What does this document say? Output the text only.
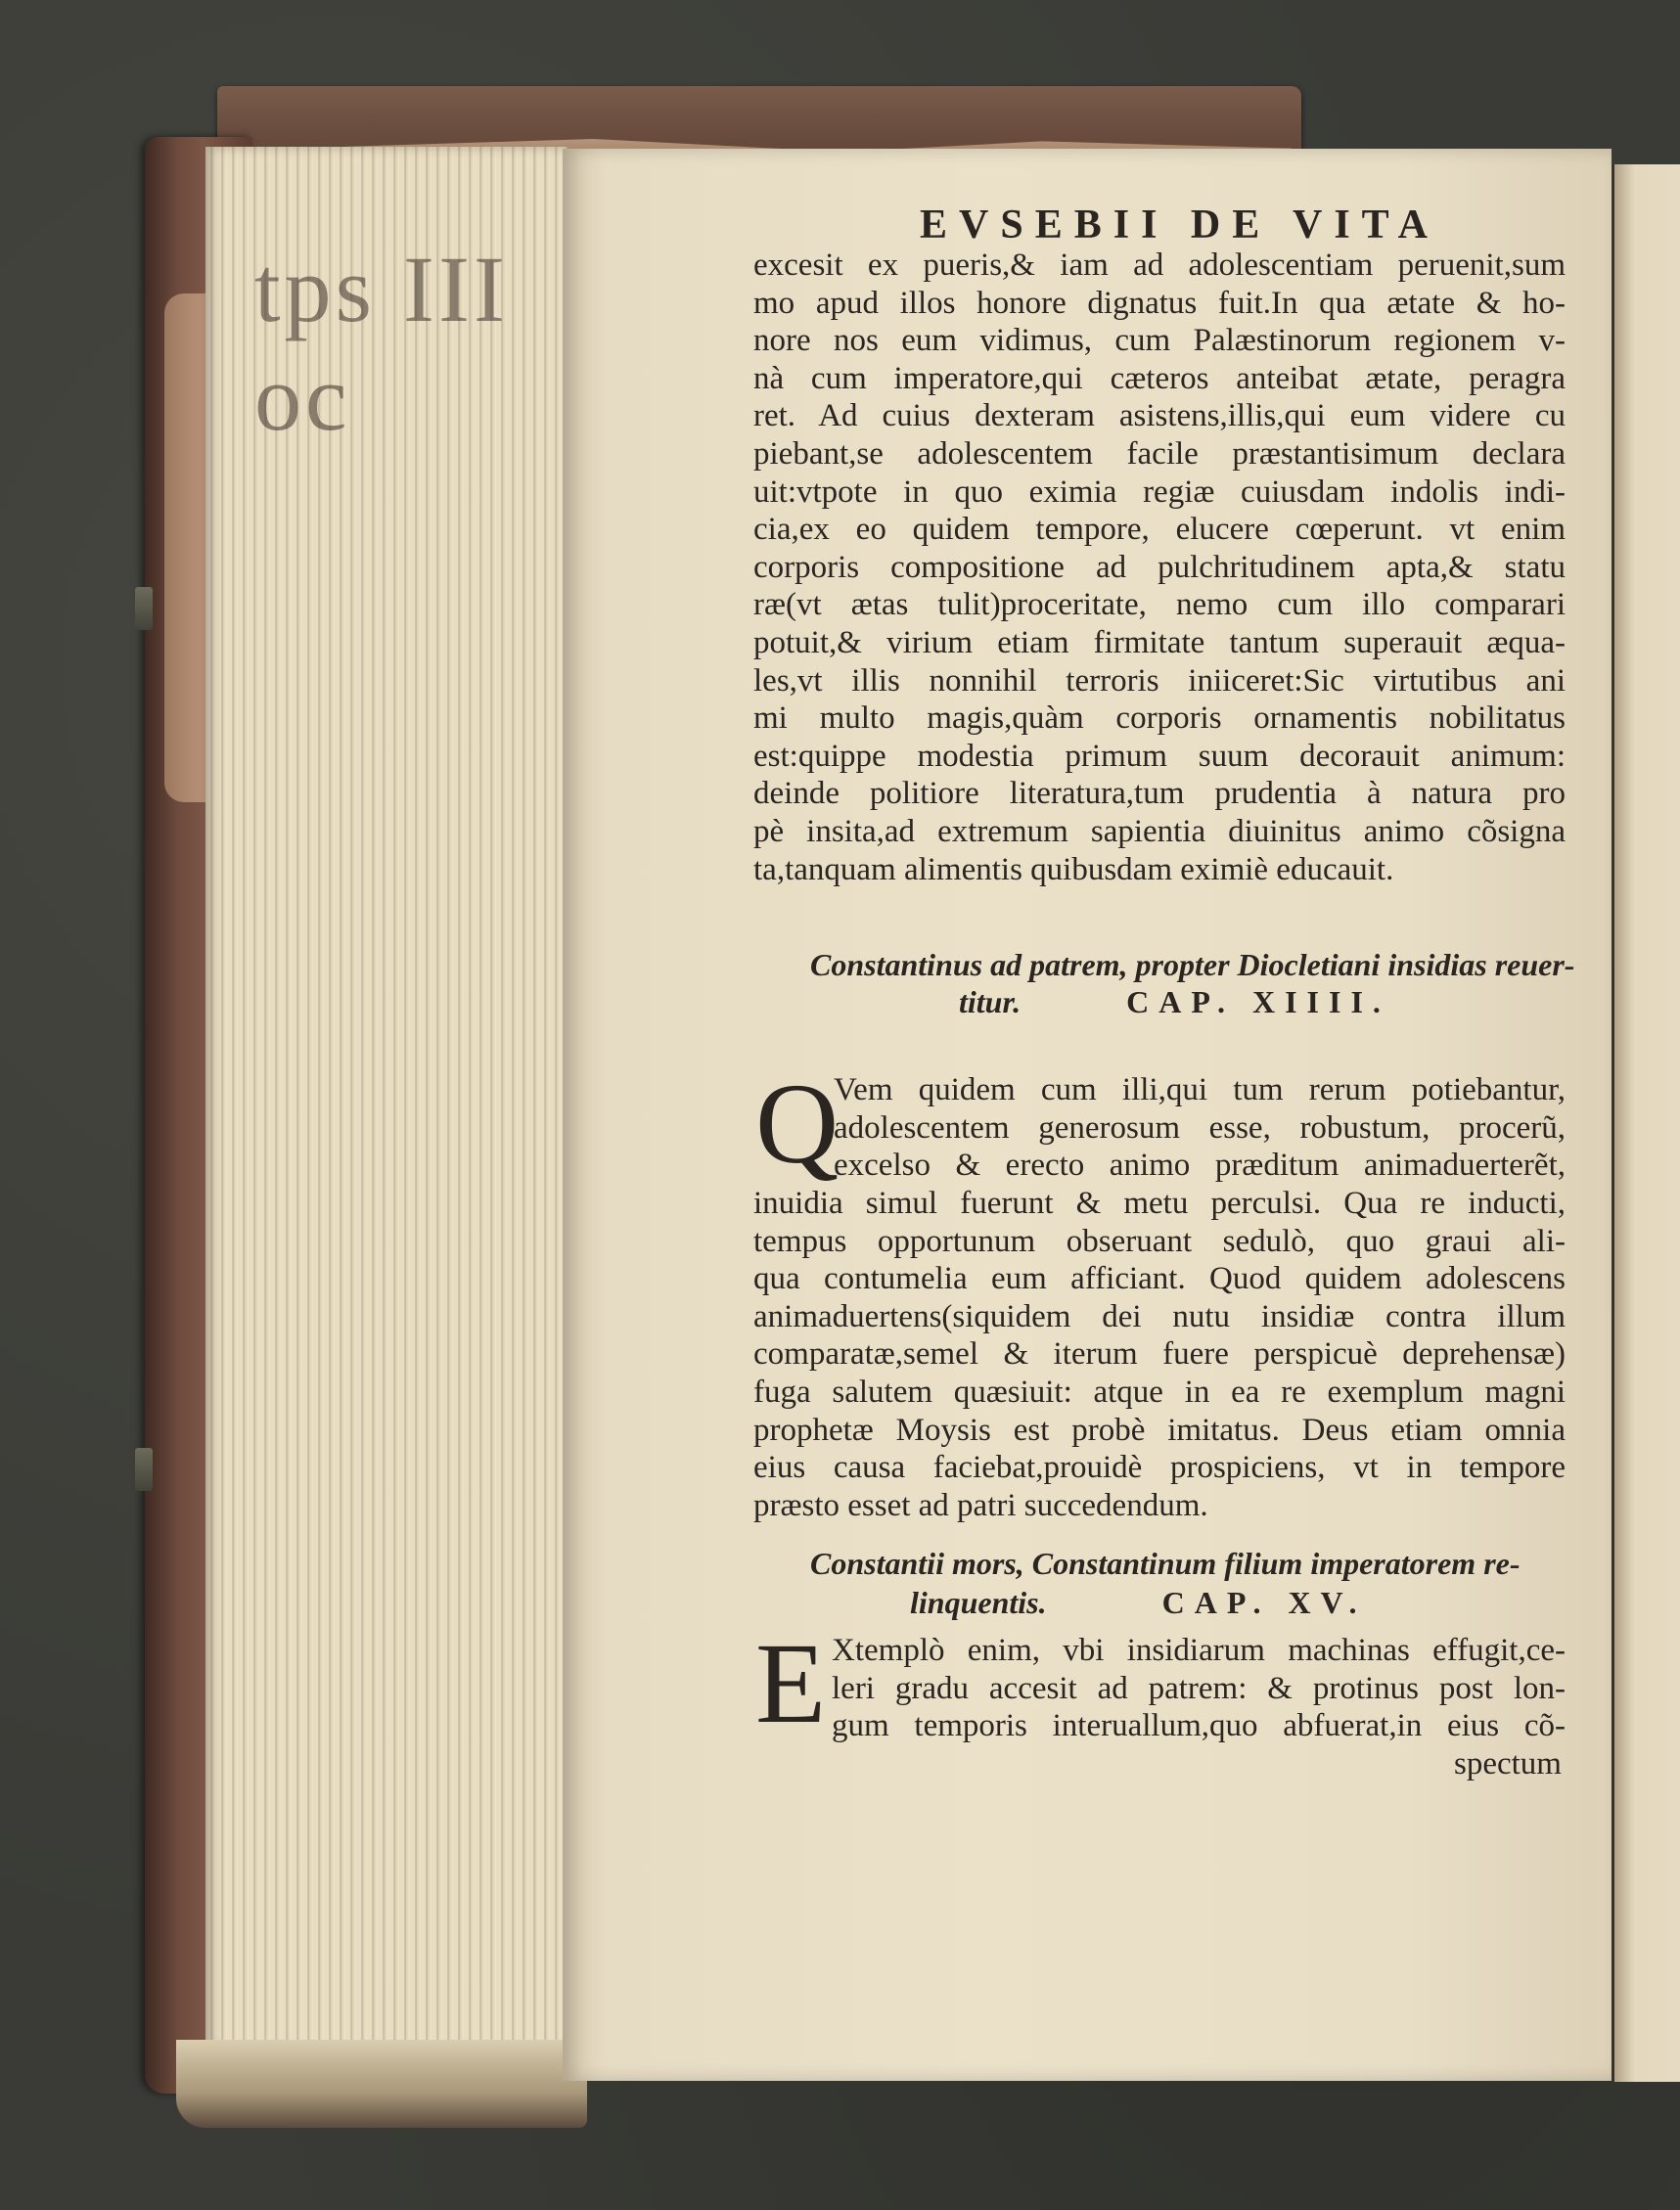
tps III oc
EVSEBII DE VITA
excesit ex pueris,& iam ad adolescentiam peruenit,sum
mo apud illos honore dignatus fuit.In qua ætate & ho-
nore nos eum vidimus, cum Palæstinorum regionem v-
nà cum imperatore,qui cæteros anteibat ætate, peragra
ret. Ad cuius dexteram asistens,illis,qui eum videre cu
piebant,se adolescentem facile præstantisimum declara
uit:vtpote in quo eximia regiæ cuiusdam indolis indi-
cia,ex eo quidem tempore, elucere cœperunt. vt enim
corporis compositione ad pulchritudinem apta,& statu
ræ(vt ætas tulit)proceritate, nemo cum illo comparari
potuit,& virium etiam firmitate tantum superauit æqua-
les,vt illis nonnihil terroris iniiceret:Sic virtutibus ani
mi multo magis,quàm corporis ornamentis nobilitatus
est:quippe modestia primum suum decorauit animum:
deinde politiore literatura,tum prudentia à natura pro
pè insita,ad extremum sapientia diuinitus animo cõsigna
ta,tanquam alimentis quibusdam eximiè educauit.
Constantinus ad patrem, propter Diocletiani insidias reuer-
titur.	CAP. XIIII.
Q
Vem quidem cum illi,qui tum rerum potiebantur,
adolescentem generosum esse, robustum, procerũ,
excelso & erecto animo præditum animaduerterẽt,
inuidia simul fuerunt & metu perculsi. Qua re inducti,
tempus opportunum obseruant sedulò, quo graui ali-
qua contumelia eum afficiant. Quod quidem adolescens
animaduertens(siquidem dei nutu insidiæ contra illum
comparatæ,semel & iterum fuere perspicuè deprehensæ)
fuga salutem quæsiuit: atque in ea re exemplum magni
prophetæ Moysis est probè imitatus. Deus etiam omnia
eius causa faciebat,prouidè prospiciens, vt in tempore
præsto esset ad patri succedendum.
Constantii mors, Constantinum filium imperatorem re-
linquentis.	CAP. XV.
E Xtemplò enim, vbi insidiarum machinas effugit,ce-
leri gradu accesit ad patrem: & protinus post lon-
gum temporis interuallum,quo abfuerat,in eius cõ-
spectum
